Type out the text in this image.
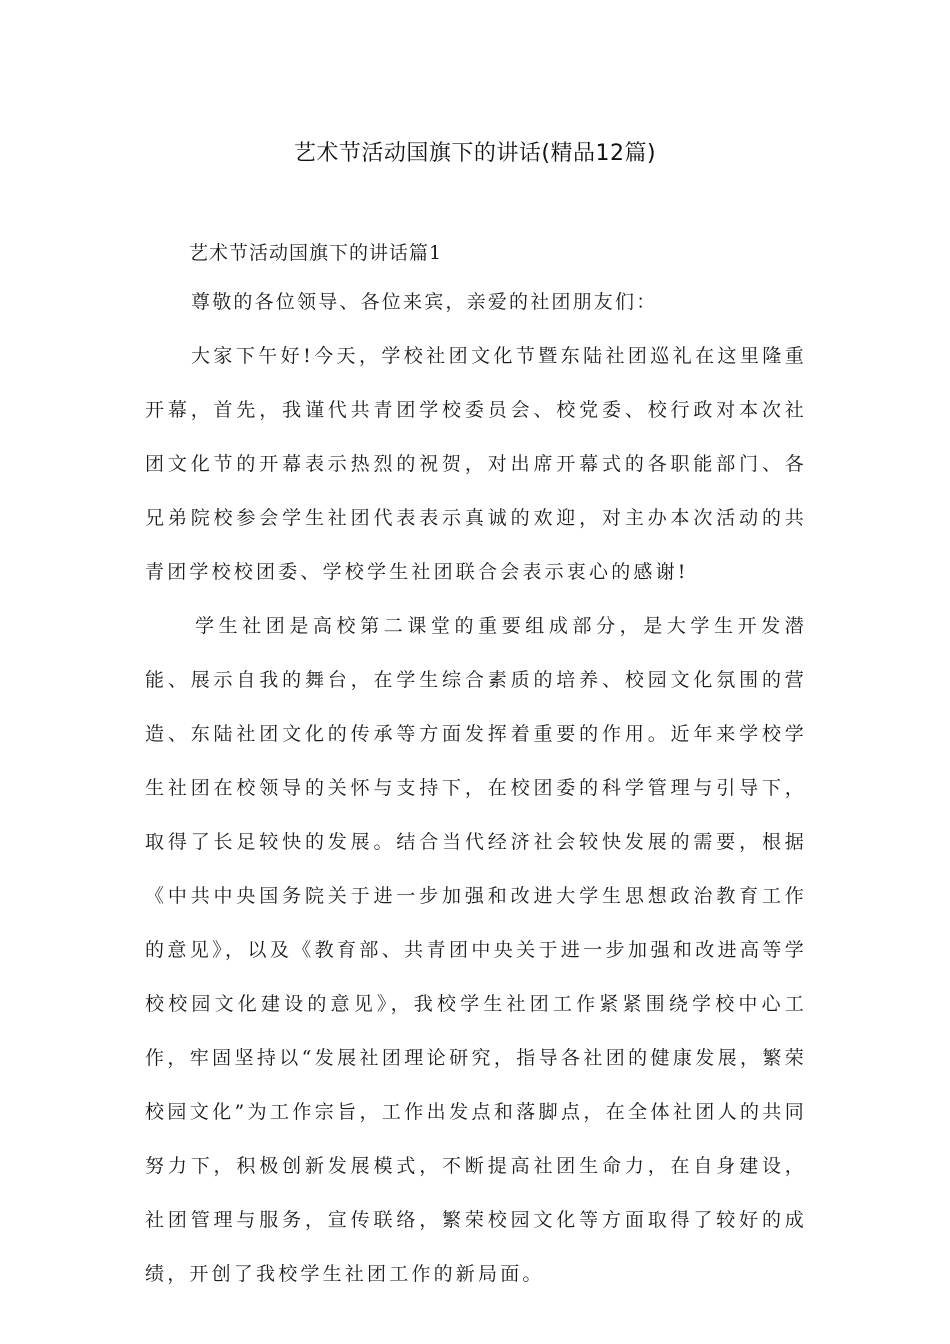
艺术节活动国旗下的讲话(精品12篇)

艺术节活动国旗下的讲话篇1

尊敬的各位领导、各位来宾，亲爱的社团朋友们：

大家下午好!今天，学校社团文化节暨东陆社团巡礼在这里隆重开幕，首先，我谨代共青团学校委员会、校党委、校行政对本次社团文化节的开幕表示热烈的祝贺，对出席开幕式的各职能部门、各兄弟院校参会学生社团代表表示真诚的欢迎，对主办本次活动的共青团学校校团委、学校学生社团联合会表示衷心的感谢!

学生社团是高校第二课堂的重要组成部分，是大学生开发潜能、展示自我的舞台，在学生综合素质的培养、校园文化氛围的营造、东陆社团文化的传承等方面发挥着重要的作用。近年来学校学生社团在校领导的关怀与支持下，在校团委的科学管理与引导下，取得了长足较快的发展。结合当代经济社会较快发展的需要，根据《中共中央国务院关于进一步加强和改进大学生思想政治教育工作的意见》，以及《教育部、共青团中央关于进一步加强和改进高等学校校园文化建设的意见》，我校学生社团工作紧紧围绕学校中心工作，牢固坚持以“发展社团理论研究，指导各社团的健康发展，繁荣校园文化”为工作宗旨，工作出发点和落脚点，在全体社团人的共同努力下，积极创新发展模式，不断提高社团生命力，在自身建设，社团管理与服务，宣传联络，繁荣校园文化等方面取得了较好的成绩，开创了我校学生社团工作的新局面。
